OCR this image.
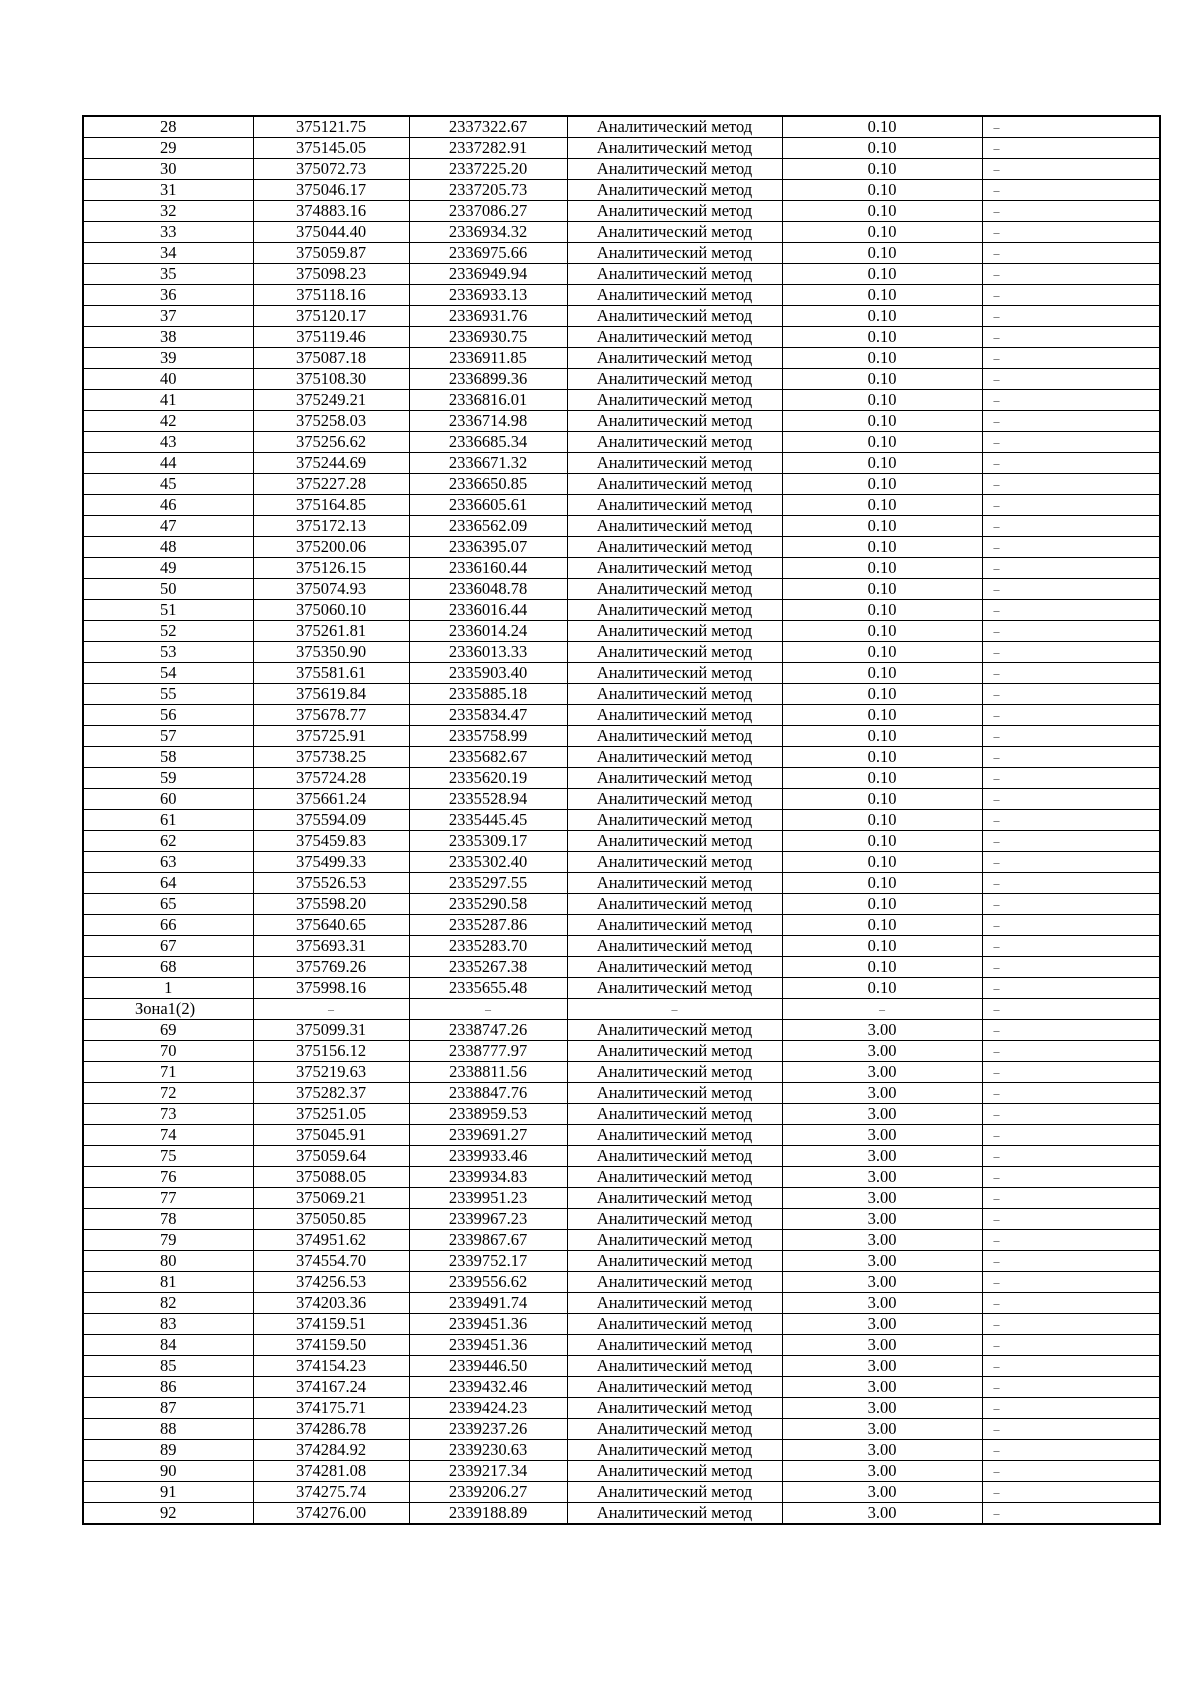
28	375121.75	2337322.67	Аналитический метод	0.10	–
29	375145.05	2337282.91	Аналитический метод	0.10	–
30	375072.73	2337225.20	Аналитический метод	0.10	–
31	375046.17	2337205.73	Аналитический метод	0.10	–
32	374883.16	2337086.27	Аналитический метод	0.10	–
33	375044.40	2336934.32	Аналитический метод	0.10	–
34	375059.87	2336975.66	Аналитический метод	0.10	–
35	375098.23	2336949.94	Аналитический метод	0.10	–
36	375118.16	2336933.13	Аналитический метод	0.10	–
37	375120.17	2336931.76	Аналитический метод	0.10	–
38	375119.46	2336930.75	Аналитический метод	0.10	–
39	375087.18	2336911.85	Аналитический метод	0.10	–
40	375108.30	2336899.36	Аналитический метод	0.10	–
41	375249.21	2336816.01	Аналитический метод	0.10	–
42	375258.03	2336714.98	Аналитический метод	0.10	–
43	375256.62	2336685.34	Аналитический метод	0.10	–
44	375244.69	2336671.32	Аналитический метод	0.10	–
45	375227.28	2336650.85	Аналитический метод	0.10	–
46	375164.85	2336605.61	Аналитический метод	0.10	–
47	375172.13	2336562.09	Аналитический метод	0.10	–
48	375200.06	2336395.07	Аналитический метод	0.10	–
49	375126.15	2336160.44	Аналитический метод	0.10	–
50	375074.93	2336048.78	Аналитический метод	0.10	–
51	375060.10	2336016.44	Аналитический метод	0.10	–
52	375261.81	2336014.24	Аналитический метод	0.10	–
53	375350.90	2336013.33	Аналитический метод	0.10	–
54	375581.61	2335903.40	Аналитический метод	0.10	–
55	375619.84	2335885.18	Аналитический метод	0.10	–
56	375678.77	2335834.47	Аналитический метод	0.10	–
57	375725.91	2335758.99	Аналитический метод	0.10	–
58	375738.25	2335682.67	Аналитический метод	0.10	–
59	375724.28	2335620.19	Аналитический метод	0.10	–
60	375661.24	2335528.94	Аналитический метод	0.10	–
61	375594.09	2335445.45	Аналитический метод	0.10	–
62	375459.83	2335309.17	Аналитический метод	0.10	–
63	375499.33	2335302.40	Аналитический метод	0.10	–
64	375526.53	2335297.55	Аналитический метод	0.10	–
65	375598.20	2335290.58	Аналитический метод	0.10	–
66	375640.65	2335287.86	Аналитический метод	0.10	–
67	375693.31	2335283.70	Аналитический метод	0.10	–
68	375769.26	2335267.38	Аналитический метод	0.10	–
1	375998.16	2335655.48	Аналитический метод	0.10	–
Зона1(2)	–	–	–	–	–
69	375099.31	2338747.26	Аналитический метод	3.00	–
70	375156.12	2338777.97	Аналитический метод	3.00	–
71	375219.63	2338811.56	Аналитический метод	3.00	–
72	375282.37	2338847.76	Аналитический метод	3.00	–
73	375251.05	2338959.53	Аналитический метод	3.00	–
74	375045.91	2339691.27	Аналитический метод	3.00	–
75	375059.64	2339933.46	Аналитический метод	3.00	–
76	375088.05	2339934.83	Аналитический метод	3.00	–
77	375069.21	2339951.23	Аналитический метод	3.00	–
78	375050.85	2339967.23	Аналитический метод	3.00	–
79	374951.62	2339867.67	Аналитический метод	3.00	–
80	374554.70	2339752.17	Аналитический метод	3.00	–
81	374256.53	2339556.62	Аналитический метод	3.00	–
82	374203.36	2339491.74	Аналитический метод	3.00	–
83	374159.51	2339451.36	Аналитический метод	3.00	–
84	374159.50	2339451.36	Аналитический метод	3.00	–
85	374154.23	2339446.50	Аналитический метод	3.00	–
86	374167.24	2339432.46	Аналитический метод	3.00	–
87	374175.71	2339424.23	Аналитический метод	3.00	–
88	374286.78	2339237.26	Аналитический метод	3.00	–
89	374284.92	2339230.63	Аналитический метод	3.00	–
90	374281.08	2339217.34	Аналитический метод	3.00	–
91	374275.74	2339206.27	Аналитический метод	3.00	–
92	374276.00	2339188.89	Аналитический метод	3.00	–
